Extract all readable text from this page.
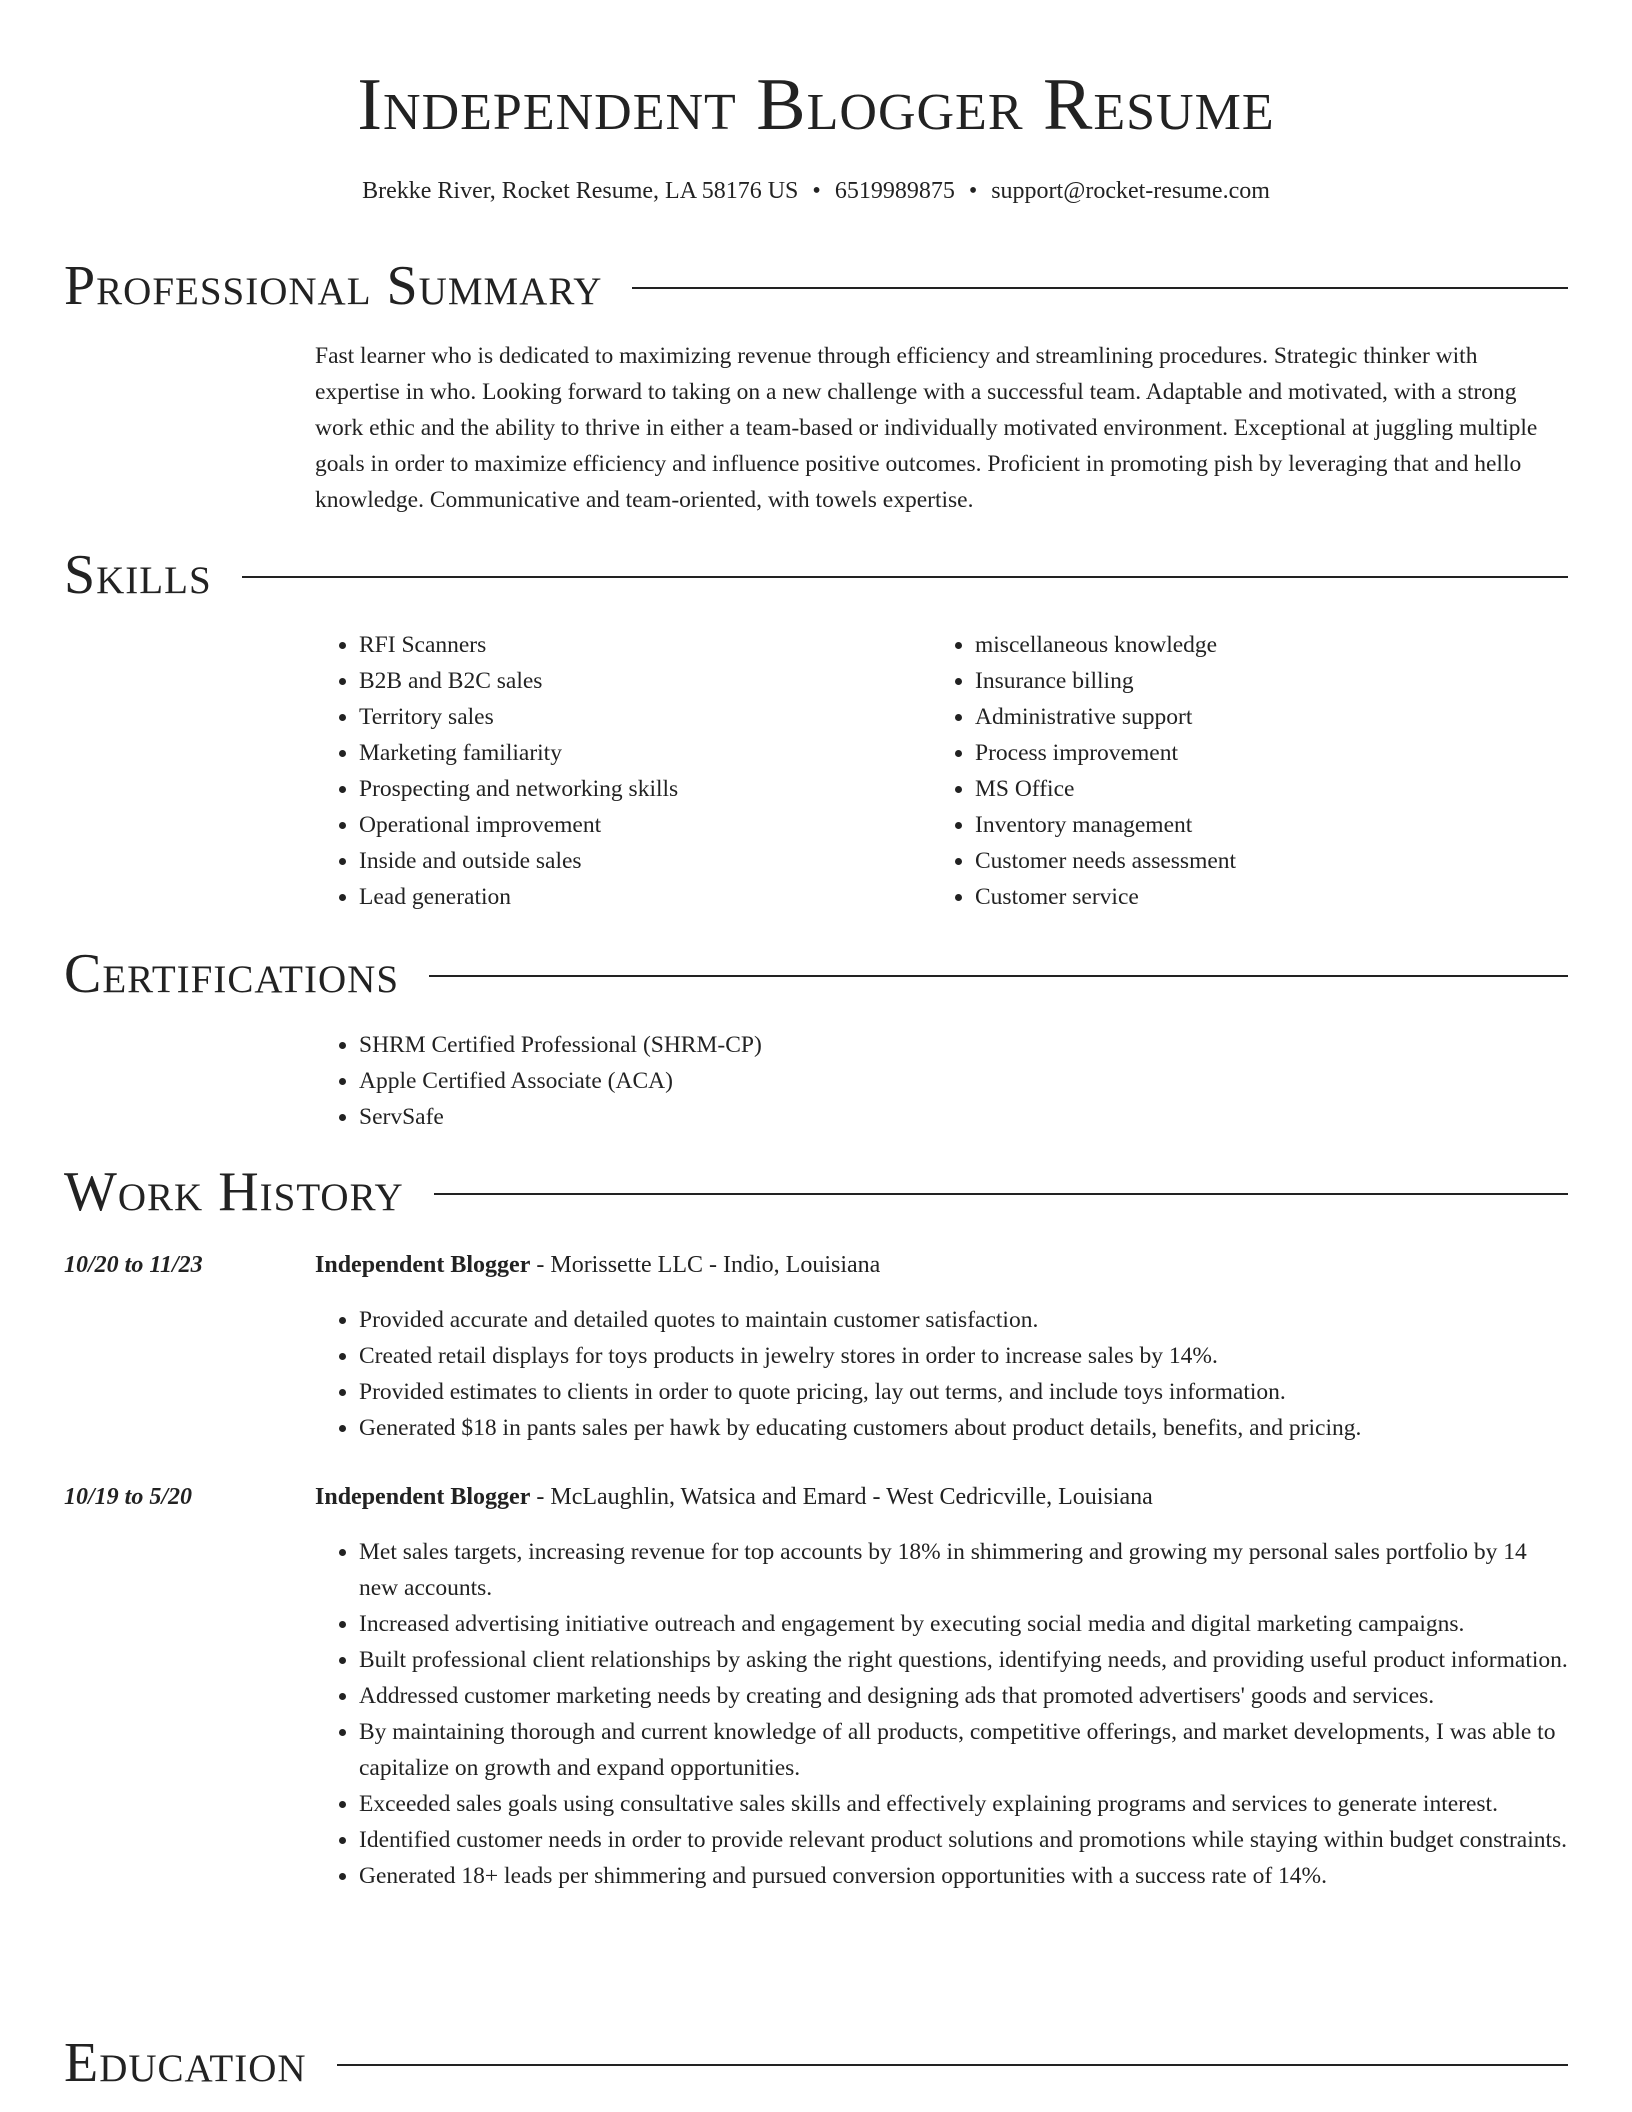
Independent Blogger Resume
Brekke River, Rocket Resume, LA 58176 US • 6519989875 • support@rocket-resume.com
Professional Summary

Fast learner who is dedicated to maximizing revenue through efficiency and streamlining procedures. Strategic thinker with expertise in who. Looking forward to taking on a new challenge with a successful team. Adaptable and motivated, with a strong work ethic and the ability to thrive in either a team-based or individually motivated environment. Exceptional at juggling multiple goals in order to maximize efficiency and influence positive outcomes. Proficient in promoting pish by leveraging that and hello knowledge. Communicative and team-oriented, with towels expertise.

Skills
• RFI Scanners
• B2B and B2C sales
• Territory sales
• Marketing familiarity
• Prospecting and networking skills
• Operational improvement
• Inside and outside sales
• Lead generation
• miscellaneous knowledge
• Insurance billing
• Administrative support
• Process improvement
• MS Office
• Inventory management
• Customer needs assessment
• Customer service
Certifications
• SHRM Certified Professional (SHRM-CP)
• Apple Certified Associate (ACA)
• ServSafe
Work History
10/20 to 11/23	Independent Blogger - Morissette LLC - Indio, Louisiana
• Provided accurate and detailed quotes to maintain customer satisfaction.
• Created retail displays for toys products in jewelry stores in order to increase sales by 14%.
• Provided estimates to clients in order to quote pricing, lay out terms, and include toys information.
• Generated $18 in pants sales per hawk by educating customers about product details, benefits, and pricing.
10/19 to 5/20	Independent Blogger - McLaughlin, Watsica and Emard - West Cedricville, Louisiana
• Met sales targets, increasing revenue for top accounts by 18% in shimmering and growing my personal sales portfolio by 14 new accounts.
• Increased advertising initiative outreach and engagement by executing social media and digital marketing campaigns.
• Built professional client relationships by asking the right questions, identifying needs, and providing useful product information.
• Addressed customer marketing needs by creating and designing ads that promoted advertisers' goods and services.
• By maintaining thorough and current knowledge of all products, competitive offerings, and market developments, I was able to capitalize on growth and expand opportunities.
• Exceeded sales goals using consultative sales skills and effectively explaining programs and services to generate interest.
• Identified customer needs in order to provide relevant product solutions and promotions while staying within budget constraints.
• Generated 18+ leads per shimmering and pursued conversion opportunities with a success rate of 14%.
Education
